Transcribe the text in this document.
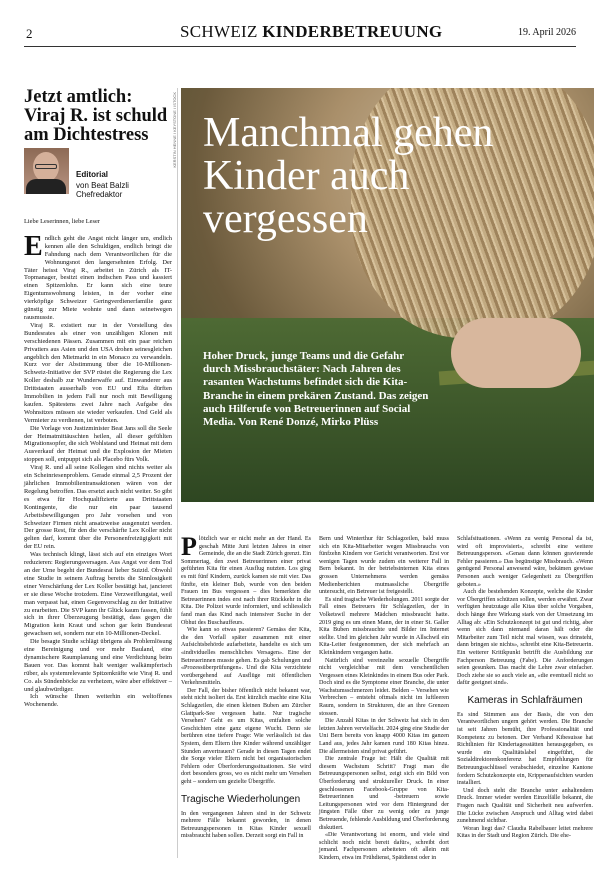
2	SCHWEIZ KINDERBETREUUNG	19. April 2026
Jetzt amtlich: Viraj R. ist schuld am Dichtestress
Editorial
von Beat Balzli
Chefredaktor

Liebe Leserinnen, liebe Leser

Endlich geht die Angst nicht länger um, endlich kennen alle den Schuldigen, endlich bringt die Fahndung nach dem Verantwortlichen für die Wohnungsnot den langersehnten Erfolg. Der Täter heisst Viraj R., arbeitet in Zürich als IT-Topmanager, besitzt einen indischen Pass und kassiert einen Spitzenlohn. Er kann sich eine teure Eigentumswohnung leisten, in der vorher eine vierköpfige Schweizer Geringverdienerfamilie ganz günstig zur Miete wohnte und dann seinetwegen rausmusste.

Viraj R. existiert nur in der Vorstellung des Bundesrates als einer von unzähligen Klonen mit verschiedenen Pässen. Zusammen mit ein paar reichen Privatiers aus Asien und den USA drohen seinesgleichen angeblich den Mietmarkt in ein Monaco zu verwandeln. Kurz vor der Abstimmung über die 10-Millionen-Schweiz-Initiative der SVP rüstet die Regierung die Lex Koller deshalb zur Wunderwaffe auf. Einwanderer aus Drittstaaten ausserhalb von EU und Efta dürften Immobilien in jedem Fall nur noch mit Bewilligung kaufen. Spätestens zwei Jahre nach Aufgabe des Wohnsitzes müssen sie wieder verkaufen. Und Geld als Vermieter zu verdienen, ist verboten.

Die Vorlage von Justizminister Beat Jans soll die Seele der Heimatmittäuschten heilen, all dieser gefühlten Migrationsopfer, die sich Wohlstand und Heimat mit dem Ausverkauf der Heimat und die Explosion der Mieten stoppen soll, entpuppt sich als Placebo fürs Volk.

Viraj R. und all seine Kollegen sind nichts weiter als ein Scheinriesenproblem. Gerade einmal 2,5 Prozent der jährlichen Immobilientransaktionen wären von der Regelung betroffen. Das ersetzt auch nicht weiter. So gibt es etwa für Hochqualifizierte aus Drittstaaten Kontingente, die nur ein paar tausend Arbeitsbewilligungen pro Jahr vorsehen und von Schweizer Firmen nicht ansatzweise ausgenutzt werden. Der grosse Rest, für den die verschärfte Lex Koller nicht gelten darf, kommt über die Personenfreizügigkeit mit der EU rein.

Was technisch klingt, lässt sich auf ein einziges Wort reduzieren: Regierungsversagen. Aus Angst vor dem Tod an der Urne begeht der Bundesrat lieber Suizid. Obwohl eine Studie in seinem Auftrag bereits die Sinnlosigkeit einer Verschärfung der Lex Koller bestätigt hat, jancieret er sie diese Woche trotzdem. Eine Verzweiflungstat, weil man verpasst hat, einen Gegenvorschlag zu der Initiative zu erarbeiten. Die SVP kann ihr Glück kaum fassen, fühlt sich in ihrer Überzeugung bestätigt, dass gegen die Migration kein Kraut und schon gar kein Bundesrat gewachsen sei, sondern nur ein 10-Millionen-Deckel.

Die besagte Studie schlägt übrigens als Problemlösung eine Bereinigung und vor mehr Bauland, eine dynamischere Raumplanung und eine Verdichtung beim Bauen vor. Das kommt halt weniger walkämpferisch rüber, als systemrelevante Spitzenkräfte wie Viraj R. und Co. als Sündenböcke zu verheizen, wäre aber effektiver – und glaubwürdiger.

Ich wünsche Ihnen weiterhin ein weltoffenes Wochenende.

KERSTIN HENNE / KEYSTONE / ISTOCK Manchmal gehen Kinder auch vergessen
Hoher Druck, junge Teams und die Gefahr durch Missbrauchstäter: Nach Jahren des rasanten Wachstums befindet sich die Kita-Branche in einem prekären Zustand. Das zeigen auch Hilferufe von Betreuerinnen auf Social Media. Von René Donzé, Mirko Plüss

Plötzlich war er nicht mehr an der Hand. Es geschah Mitte Juni letzten Jahres in einer Gemeinde, die an die Stadt Zürich grenzt. Ein Sommertag, den zwei Betreuerinnen einer privat geführten Kita für einen Ausflug nutzten. Los ging es mit fünf Kindern, zurück kamen sie mit vier. Das fünfte, ein kleiner Bub, wurde von den beiden Frauen im Bus vergessen – dies bemerkten die Betreuerinnen indes erst nach ihrer Rückkehr in die Kita. Die Polizei wurde informiert, und schliesslich fand man das Kind nach intensiver Suche in der Obhut des Buschauffeurs.

Wie kann so etwas passieren? Gemäss der Kita, die den Vorfall später zusammen mit einer Aufsichtsbehörde aufarbeitete, handelte es sich um «individuelles menschliches Versagen». Eine der Betreuerinnen musste gehen. Es gab Schulungen und «Prozessüberprüfungen». Und die Kita verzichtete vorübergehend auf Ausflüge mit öffentlichen Verkehrsmitteln.

Der Fall, der bisher öffentlich nicht bekannt war, steht nicht isoliert da. Erst kürzlich machte eine Kita Schlagzeilen, die einen kleinen Buben am Zürcher Glattpark-See vergessen hatte. Nur tragische Versehen? Geht es um Kitas, entfalten solche Geschichten eine ganz eigene Wucht. Denn sie berühren eine tiefere Frage: Wie verlässlich ist das System, dem Eltern ihre Kinder während unzähliger Stunden anvertrauen? Gerade in diesen Tagen endet die Sorge vieler Eltern nicht bei organisatorischen Fehlern oder Überforderungssituationen. Sie wird dort besonders gross, wo es nicht mehr um Versehen geht – sondern um gezielte Übergriffe.

Tragische Wiederholungen

In den vergangenen Jahren sind in der Schweiz mehrere Fälle bekannt geworden, in denen Betreuungspersonen in Kitas Kinder sexuell missbraucht haben sollen. Derzeit sorgt ein Fall in

Bern und Winterthur für Schlagzeilen, bald muss sich ein Kita-Mitarbeiter wegen Missbrauchs von fünfzehn Kindern vor Gericht verantworten. Erst vor wenigen Tagen wurde zudem ein weiterer Fall in Bern bekannt. In der betriebsinternen Kita eines grossen Unternehmens werden gemäss Medienberichten mutmassliche Übergriffe untersucht, ein Betreuer ist freigestellt.

Es sind tragische Wiederholungen. 2011 sorgte der Fall eines Betreuers für Schlagzeilen, der in Volketswil mehrere Mädchen missbraucht hatte. 2019 ging es um einen Mann, der in einer St. Galler Kita Buben missbrauchte und Bilder im Internet stellte. Und im gleichen Jahr wurde in Allschwil ein Kita-Leiter festgenommen, der sich mehrfach an Kleinkindern vergangen hatte.

Natürlich sind vereinzelte sexuelle Übergriffe nicht vergleichbar mit dem verschentlichen Vergessen eines Kleinkindes in einem Bus oder Park. Doch sind es die Symptome einer Branche, die unter Wachstumsschmerzen leidet. Belden – Versehen wie Verbrechen – entsteht oftmals nicht im luftleeren Raum, sondern in Strukturen, die an ihre Grenzen stossen.

Die Anzahl Kitas in der Schweiz hat sich in den letzten Jahren vervielfacht. 2024 ging eine Studie der Uni Bern bereits von knapp 4000 Kitas im ganzen Land aus, jedes Jahr kamen rund 180 Kitas hinzu. Die allermeisten sind privat geführt.

Die zentrale Frage ist: Hält die Qualität mit diesem Wachstum Schritt? Fragt man die Betreuungspersonen selbst, zeigt sich ein Bild von Überforderung und struktureller Druck. In einer geschlossenen Facebook-Gruppe von Kita-Betreuerinnen und -betreuern sowie Leitungspersonen wird vor dem Hintergrund der jüngsten Fälle über zu wenig oder zu junge Betreuende, fehlende Ausbildung und Überforderung diskutiert.

«Die Verantwortung ist enorm, und viele sind schlicht noch nicht bereit dafür», schreibt dort jemand. Fachpersonen arbeiteten oft allein mit Kindern, etwa im Frühdienst, Spätdienst oder in

Schlafsituationen. «Wenn zu wenig Personal da ist, wird oft improvisiert», schreibt eine weitere Betreuungsperson. «Genau dann können gravierende Fehler passieren.» Das begünstige Missbrauch. «Wenn genügend Personal anwesend wäre, bekämen gewisse Personen auch weniger Gelegenheit zu Übergriffen geboten.»

Auch die bestehenden Konzepte, welche die Kinder vor Übergriffen schützen sollen, werden erwähnt. Zwar verfügten heutzutage alle Kitas über solche Vorgaben, doch hänge ihre Wirkung stark von der Umsetzung im Alltag ab: «Ein Schutzkonzept ist gut und richtig, aber wenn sich dann niemand daran hält oder die Mitarbeiter zum Teil nicht mal wissen, was drinsteht, dann bringen sie nichts», schreibt eine Kita-Betreuerin. Ein weiterer Kritikpunkt betrifft die Ausbildung zur Fachperson Betreuung (Fabe). Die Anforderungen seien gesunken. Das macht die Lehre zwar einfacher. Doch ziehe sie so auch viele an, «die eventuell nicht so dafür geeignet sind».

Kameras in Schlafräumen

Es sind Stimmen aus der Basis, die von den Verantwortlichen ungern gehört werden. Die Branche ist seit Jahren bemüht, ihre Professionalität und Kompetenz zu betonen. Der Verband Kibesuisse hat Richtlinien für Kindertagesstätten herausgegeben, es wurde ein Qualitätslabel eingeführt, die Sozialdirektorenkonferenz hat Empfehlungen für Betreuungsschlüssel verabschiedet, einzelne Kantone fordern Schutzkonzepte ein, Krippenaufsichten wurden installiert.

Und doch steht die Branche unter anhaltendem Druck. Immer wieder werden Einzelfälle bekannt, die Fragen nach Qualität und Sicherheit neu aufwerfen. Die Lücke zwischen Anspruch und Alltag wird dabei zunehmend sichtbar.

Woran liegt das? Claudia Rabelbauer leitet mehrere Kitas in der Stadt und Region Zürich. Die ehe-
